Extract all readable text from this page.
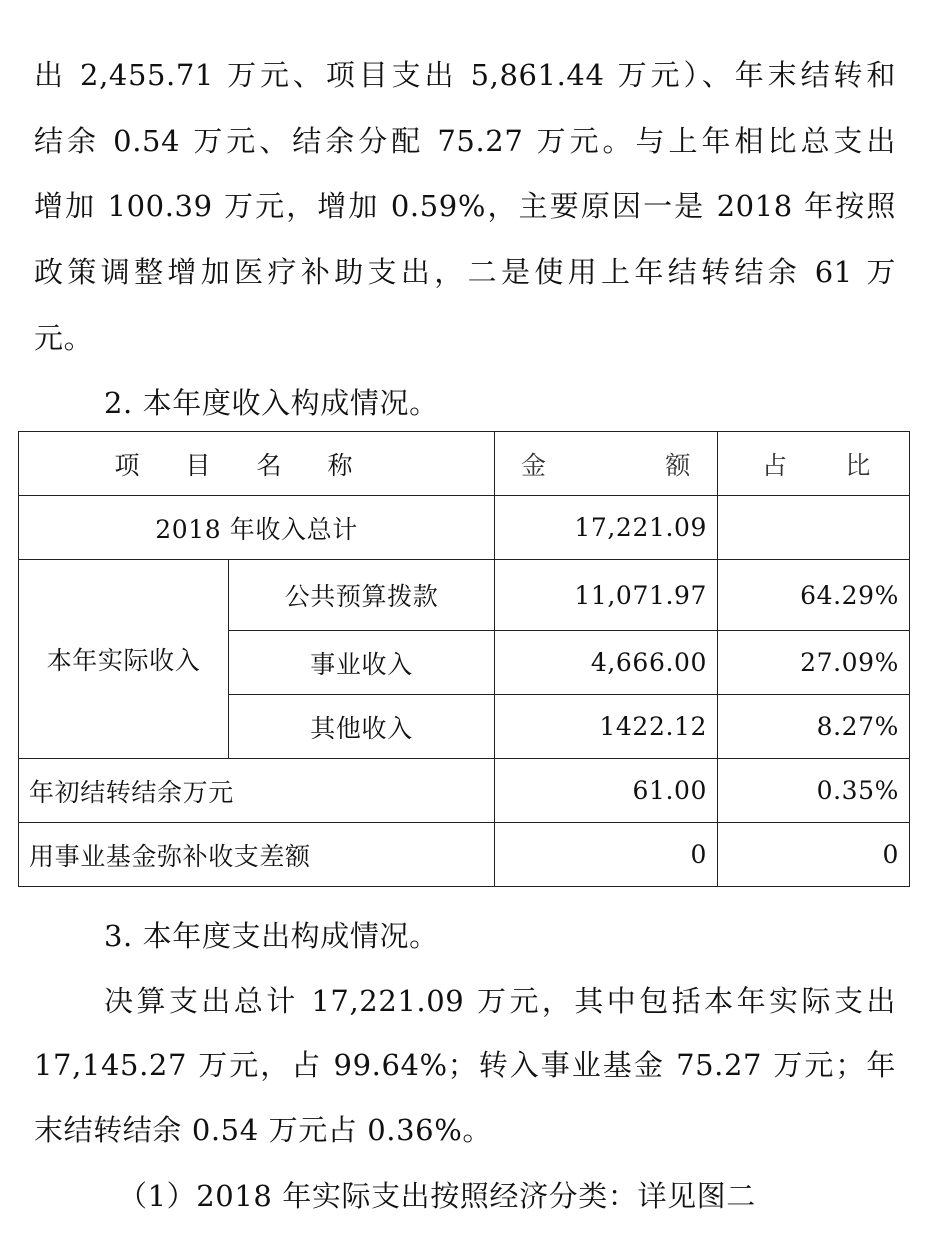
出 2,455.71 万元、项目支出 5,861.44 万元）、年末结转和
结余 0.54 万元、结余分配 75.27 万元。与上年相比总支出
增加 100.39 万元，增加 0.59%，主要原因一是 2018 年按照
政策调整增加医疗补助支出，二是使用上年结转结余 61 万
元。
2. 本年度收入构成情况。
项目名称		金额	占比
2018 年收入总计		17,221.09	
本年实际收入	公共预算拨款	11,071.97	64.29%
	事业收入	4,666.00	27.09%
	其他收入	1422.12	8.27%
年初结转结余万元		61.00	0.35%
用事业基金弥补收支差额		0	0
3. 本年度支出构成情况。
决算支出总计 17,221.09 万元，其中包括本年实际支出
17,145.27 万元，占 99.64%；转入事业基金 75.27 万元；年
末结转结余 0.54 万元占 0.36%。
（1）2018 年实际支出按照经济分类：详见图二
